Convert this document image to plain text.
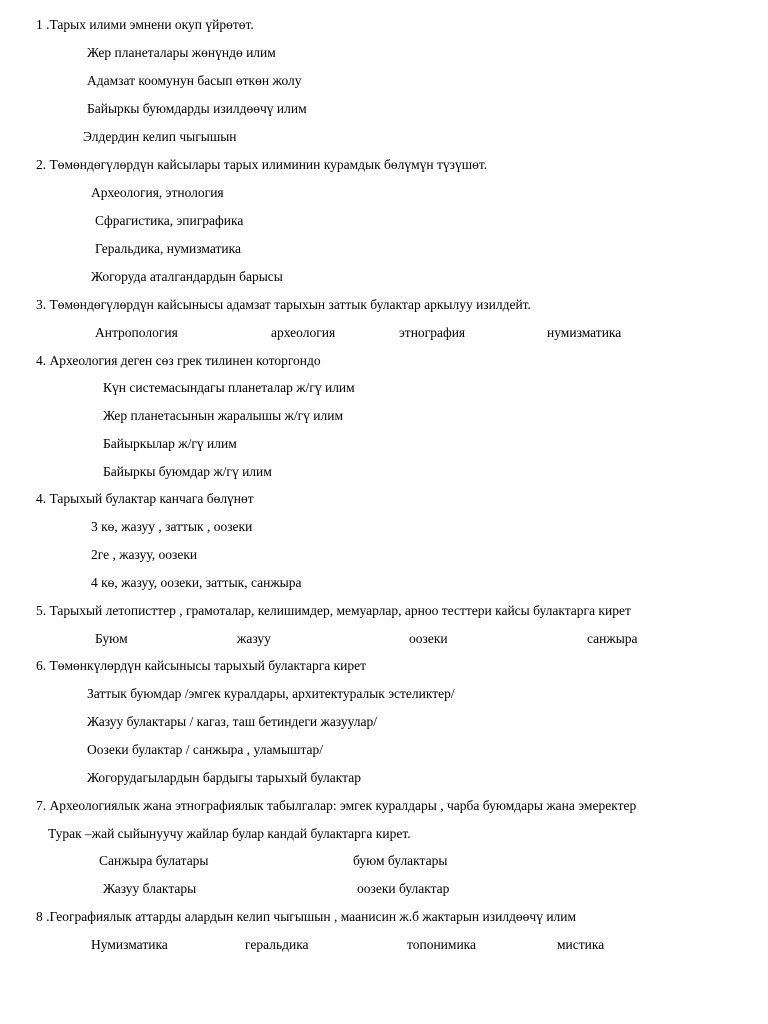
1 .Тарых илими эмнени окуп үйрөтөт.
Жер планеталары жөнүндө илим
Адамзат коомунун басып өткөн жолу
Байыркы буюмдарды изилдөөчү илим
Элдердин келип чыгышын
2. Төмөндөгүлөрдүн кайсылары тарых илиминин курамдык бөлүмүн түзүшөт.
Археология, этнология
Сфрагистика, эпиграфика
Геральдика, нумизматика
Жогоруда аталгандардын барысы
3. Төмөндөгүлөрдүн кайсынысы адамзат тарыхын заттык булактар аркылуу изилдейт.
Антропология	археология	этнография	нумизматика
4. Археология деген сөз грек тилинен которгондо
Күн системасындагы планеталар ж/гү илим
Жер планетасынын жаралышы ж/гү илим
Байыркылар ж/гү илим
Байыркы буюмдар ж/гү илим
4. Тарыхый булактар канчага бөлүнөт
3 кө, жазуу , заттык , оозеки
2ге , жазуу, оозеки
4 кө, жазуу, оозеки, заттык, санжыра
5. Тарыхый летописттер , грамоталар, келишимдер, мемуарлар, арноо тесттери кайсы булактарга кирет
Буюм	жазуу	оозеки	санжыра
6. Төмөнкүлөрдүн кайсынысы тарыхый булактарга кирет
Заттык буюмдар /эмгек куралдары, архитектуралык эстеликтер/
Жазуу булактары / кагаз, таш бетиндеги жазуулар/
Оозеки булактар / санжыра , уламыштар/
Жогорудагылардын бардыгы тарыхый булактар
7. Археологиялык жана этнографиялык табылгалар: эмгек куралдары , чарба буюмдары жана эмеректер
Турак –жай сыйынуучу жайлар булар кандай булактарга кирет.
Санжыра булатары	буюм булактары
Жазуу блактары	оозеки булактар
8 .Географиялык аттарды алардын келип чыгышын , маанисин ж.б жактарын изилдөөчү илим
Нумизматика	геральдика	топонимика	мистика
